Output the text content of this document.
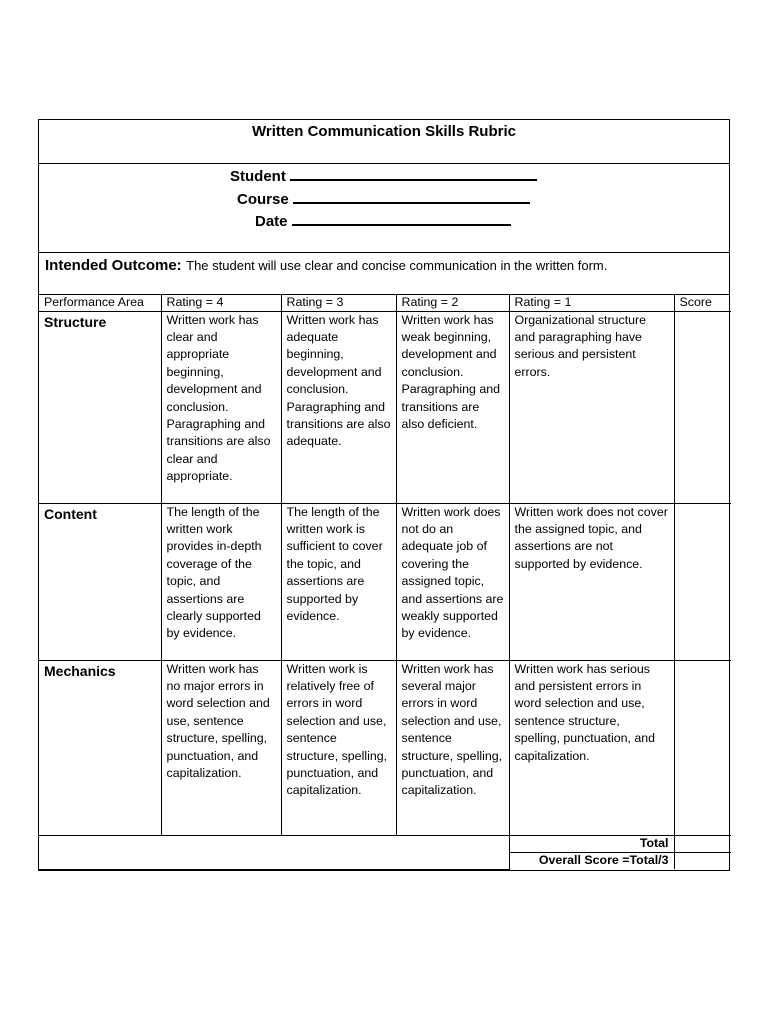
Written Communication Skills Rubric
Student
Course
Date
Intended Outcome: The student will use clear and concise communication in the written form.
Performance Area	Rating = 4	Rating = 3	Rating = 2	Rating = 1	Score
Structure	Written work has clear and appropriate beginning, development and conclusion. Paragraphing and transitions are also clear and appropriate.	Written work has adequate beginning, development and conclusion. Paragraphing and transitions are also adequate.	Written work has weak beginning, development and conclusion. Paragraphing and transitions are also deficient.	Organizational structure and paragraphing have serious and persistent errors.	
Content	The length of the written work provides in-depth coverage of the topic, and assertions are clearly supported by evidence.	The length of the written work is sufficient to cover the topic, and assertions are supported by evidence.	Written work does not do an adequate job of covering the assigned topic, and assertions are weakly supported by evidence.	Written work does not cover the assigned topic, and assertions are not supported by evidence.	
Mechanics	Written work has no major errors in word selection and use, sentence structure, spelling, punctuation, and capitalization.	Written work is relatively free of errors in word selection and use, sentence structure, spelling, punctuation, and capitalization.	Written work has several major errors in word selection and use, sentence structure, spelling, punctuation, and capitalization.	Written work has serious and persistent errors in word selection and use, sentence structure, spelling, punctuation, and capitalization.	
				Total	
				Overall Score =Total/3	
